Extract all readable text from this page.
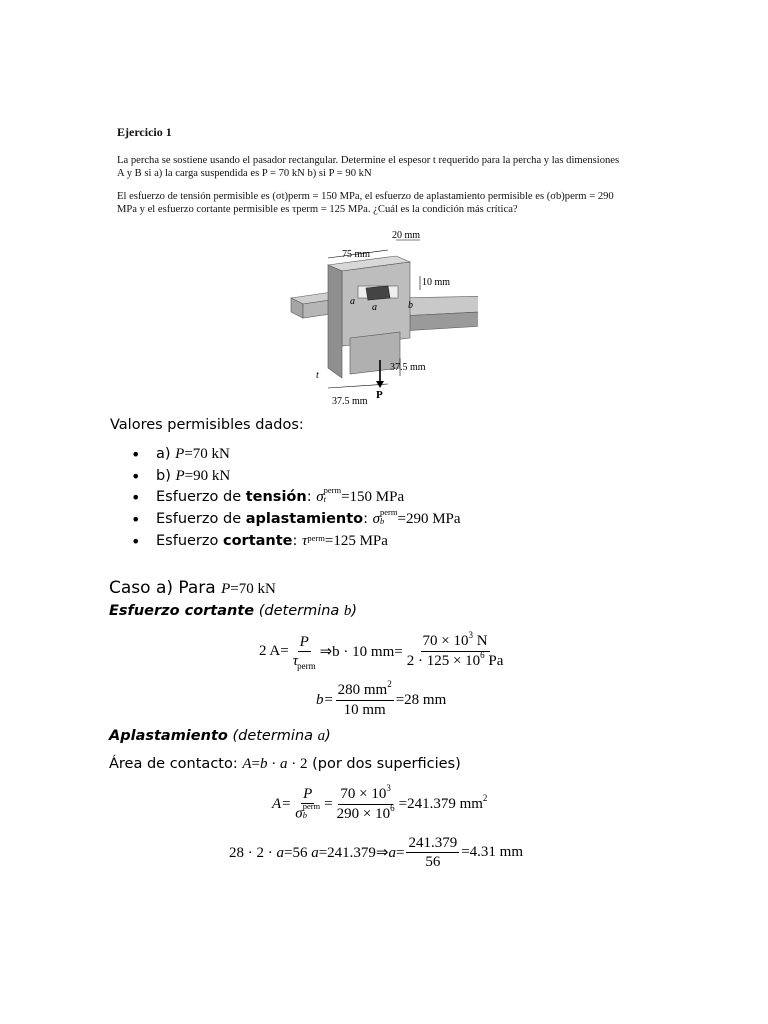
Ejercicio 1

La percha se sostiene usando el pasador rectangular. Determine el espesor t requerido para la percha y las dimensiones
A y B si a) la carga suspendida es P = 70 kN b) si P = 90 kN

El esfuerzo de tensión permisible es (σt)perm = 150 MPa, el esfuerzo de aplastamiento permisible es (σb)perm = 290
MPa y el esfuerzo cortante permisible es τperm = 125 MPa. ¿Cuál es la condición más crítica?

20 mm
75 mm
10 mm
a
a	b
t
P
37.5 mm
37.5 mm
Valores permisibles dados:
• a) P=70 kN
• b) P=90 kN
• Esfuerzo de tensión: σ perm
t	=150 MPa
• Esfuerzo de aplastamiento: σ perm
b =290 MPa
• Esfuerzo cortante: τ perm =125 MPa
Caso a) Para P=70 kN
Esfuerzo cortante (determina b)
2 $A= \frac{P}{\tau_{perm}}$ ⇒b · 10 $mm= \frac{70 \times 10^3 N}{2 \cdot 125 \times 10^6 Pa}$
$b= \frac{280 mm^2}{10 mm} =28$ mm
Aplastamiento (determina a)
Área de contacto: A=b · a · 2 (por dos superficies)
A= P
σ perm
$b = \frac{70 \times 10^3}{290 \times 10^6} =241.379$ $mm^2$
28 · 2 · a=56 a=241.379⇒a= $\frac{241.379}{56} =4.31$ mm
